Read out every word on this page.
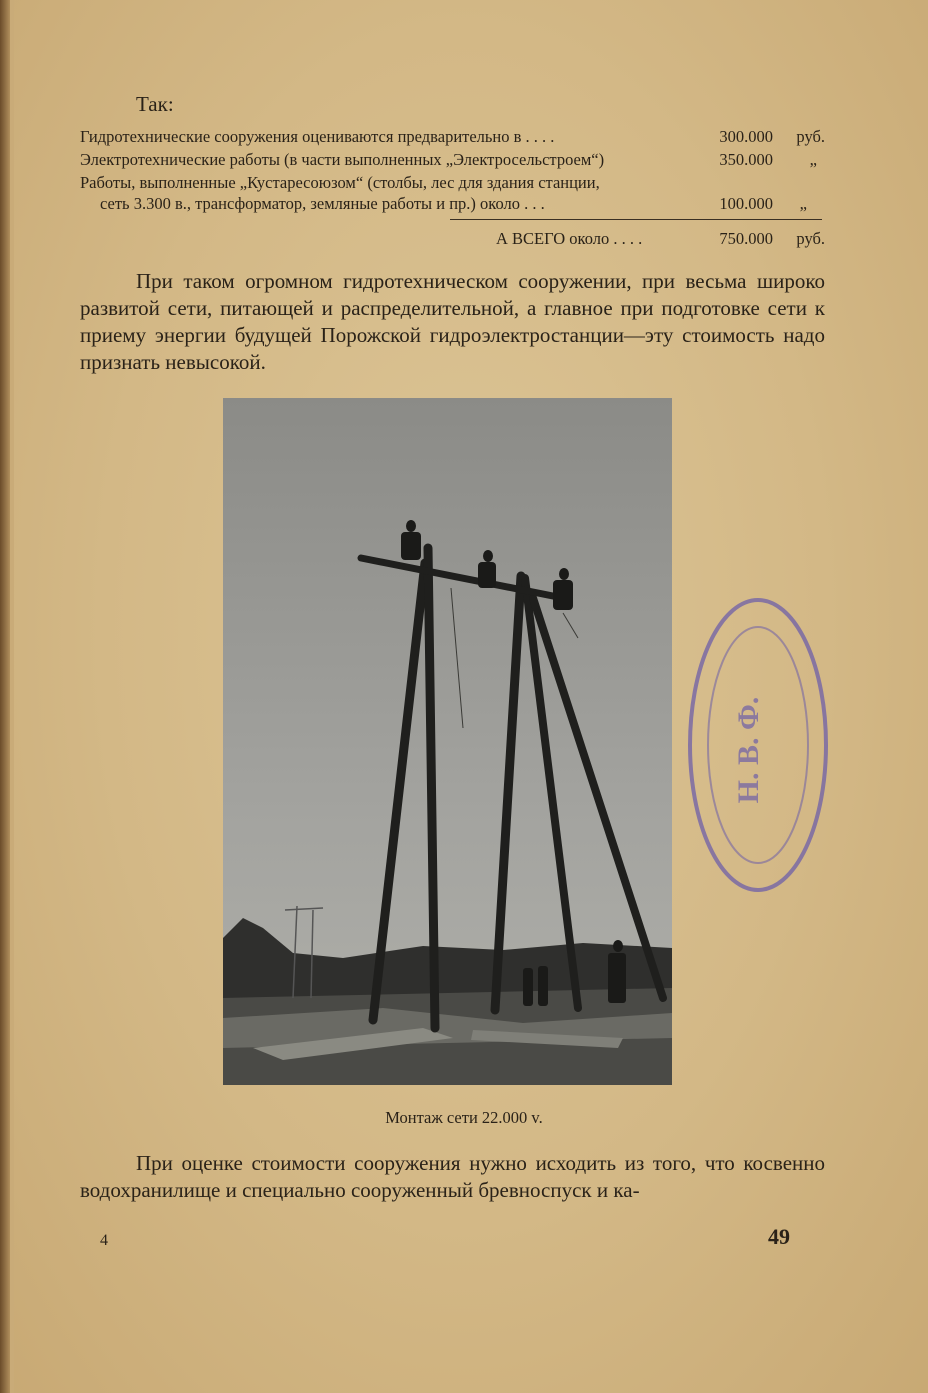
Так:
Гидротехнические сооружения оцениваются предварительно в . . . .	300.000 руб.
Электротехнические работы (в части выполненных „Электросельстроем“)	350.000 „
Работы, выполненные „Кустаресоюзом“ (столбы, лес для здания станции,
сеть 3.300 в., трансформатор, земляные работы и пр.) около . . .	100.000 „
А ВСЕГО около . . . .	750.000 руб.
При таком огромном гидротехническом сооружении, при весьма широко развитой сети, питающей и распределительной, а главное при подготовке сети к приему энергии будущей Порожской гидроэлектростанции—эту стоимость надо признать невысокой.
Монтаж сети 22.000 v.
При оценке стоимости сооружения нужно исходить из того, что косвенно водохранилище и специально сооруженный бревноспуск и ка-
4	49
Н. В. Ф.
